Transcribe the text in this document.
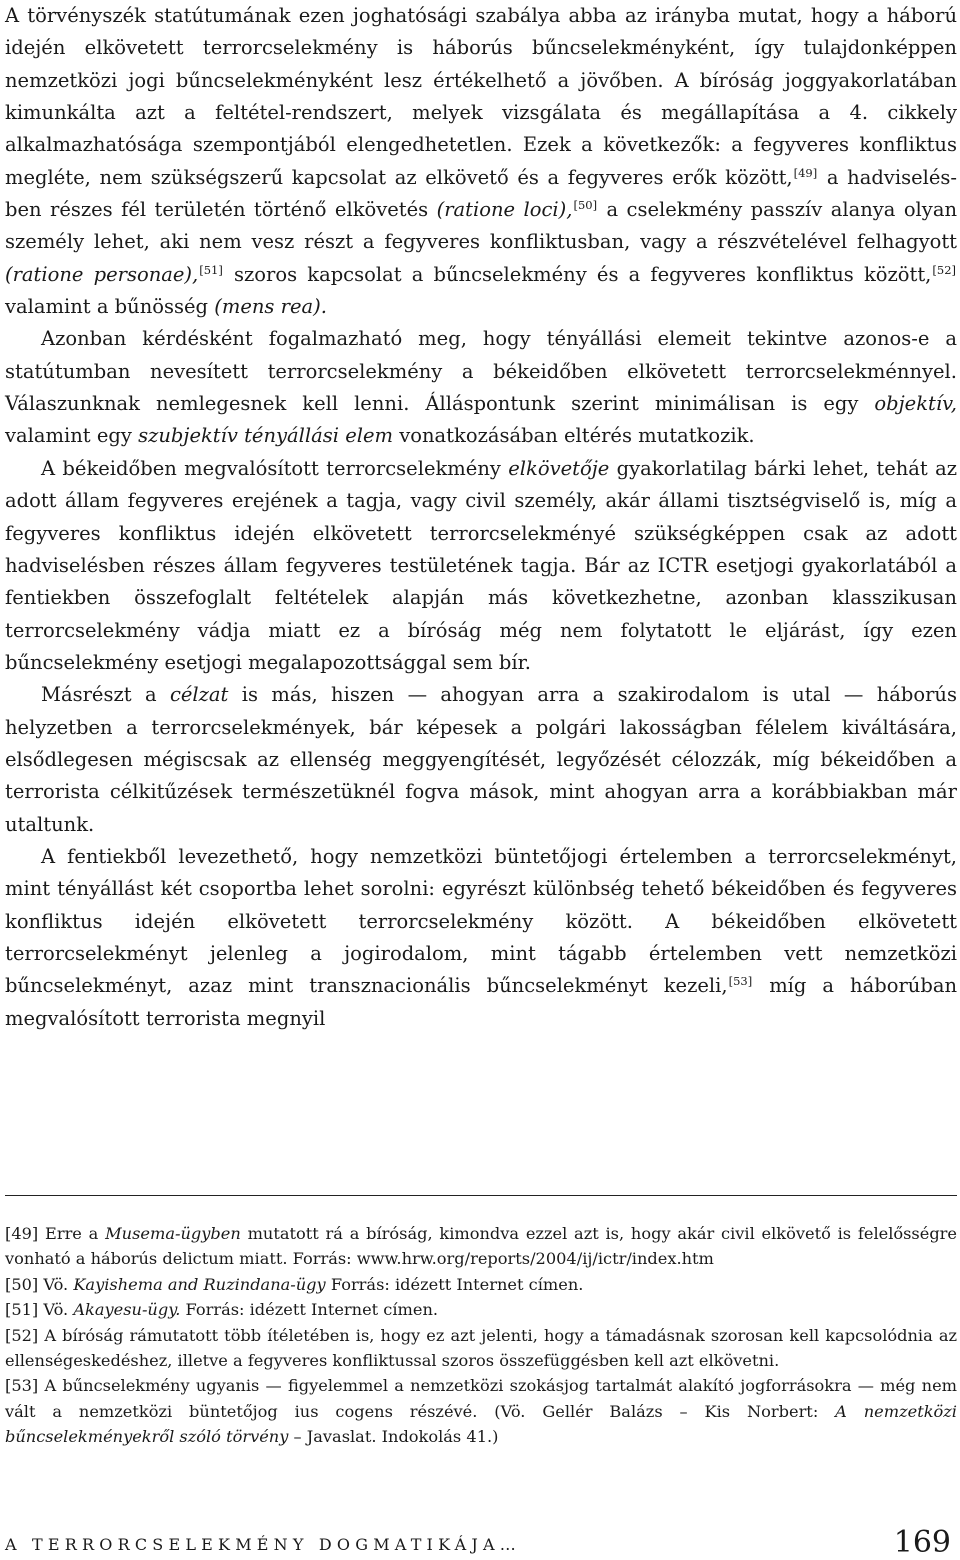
A törvényszék statútumának ezen joghatósági szabálya abba az irányba mutat, hogy a háború idején elkövetett terrorcselekmény is háborús bűncselekményként, így tulajdonképpen nemzetközi jogi bűncselekményként lesz értékelhető a jövőben. A bíróság joggyakorlatában kimunkálta azt a feltétel-rendszert, melyek vizsgálata és megállapítása a 4. cikkely alkalmazhatósága szempontjából elengedhetetlen. Ezek a következők: a fegyveres konfliktus megléte, nem szükségszerű kapcsolat az elkövető és a fegyveres erők között,[49] a hadviselésben részes fél területén történő elkövetés (ratione loci),[50] a cselekmény passzív alanya olyan személy lehet, aki nem vesz részt a fegyveres konfliktusban, vagy a részvételével felhagyott (ratione personae),[51] szoros kapcsolat a bűncselekmény és a fegyveres konfliktus között,[52] valamint a bűnösség (mens rea).

Azonban kérdésként fogalmazható meg, hogy tényállási elemeit tekintve azonos-e a statútumban nevesített terrorcselekmény a békeidőben elkövetett terrorcselekménnyel. Válaszunknak nemlegesnek kell lenni. Álláspontunk szerint minimálisan is egy objektív, valamint egy szubjektív tényállási elem vonatkozásában eltérés mutatkozik.

A békeidőben megvalósított terrorcselekmény elkövetője gyakorlatilag bárki lehet, tehát az adott állam fegyveres erejének a tagja, vagy civil személy, akár állami tisztségviselő is, míg a fegyveres konfliktus idején elkövetett terrorcselekményé szükségképpen csak az adott hadviselésben részes állam fegyveres testületének tagja. Bár az ICTR esetjogi gyakorlatából a fentiekben összefoglalt feltételek alapján más következhetne, azonban klasszikusan terrorcselekmény vádja miatt ez a bíróság még nem folytatott le eljárást, így ezen bűncselekmény esetjogi megalapozottsággal sem bír.

Másrészt a célzat is más, hiszen — ahogyan arra a szakirodalom is utal — háborús helyzetben a terrorcselekmények, bár képesek a polgári lakosságban félelem kiváltására, elsődlegesen mégiscsak az ellenség meggyengítését, legyőzését célozzák, míg békeidőben a terrorista célkitűzések természetüknél fogva mások, mint ahogyan arra a korábbiakban már utaltunk.

A fentiekből levezethető, hogy nemzetközi büntetőjogi értelemben a terrorcselekményt, mint tényállást két csoportba lehet sorolni: egyrészt különbség tehető békeidőben és fegyveres konfliktus idején elkövetett terrorcselekmény között. A békeidőben elkövetett terrorcselekményt jelenleg a jogirodalom, mint tágabb értelemben vett nemzetközi bűncselekményt, azaz mint transznacionális bűncselekményt kezeli,[53] míg a háborúban megvalósított terrorista megnyil

[49] Erre a Musema-ügyben mutatott rá a bíróság, kimondva ezzel azt is, hogy akár civil elkövető is felelősségre vonható a háborús delictum miatt. Forrás: www.hrw.org/reports/2004/ij/ictr/index.htm

[50] Vö. Kayishema and Ruzindana-ügy Forrás: idézett Internet címen.

[51] Vö. Akayesu-ügy. Forrás: idézett Internet címen.

[52] A bíróság rámutatott több ítéletében is, hogy ez azt jelenti, hogy a támadásnak szorosan kell kapcsolódnia az ellenségeskedéshez, illetve a fegyveres konfliktussal szoros összefüggésben kell azt elkövetni.

[53] A bűncselekmény ugyanis — figyelemmel a nemzetközi szokásjog tartalmát alakító jogforrásokra — még nem vált a nemzetközi büntetőjog ius cogens részévé. (Vö. Gellér Balázs – Kis Norbert: A nemzetközi bűncselekményekről szóló törvény – Javaslat. Indokolás 41.)

A TERRORCSELEKMÉNY DOGMATIKÁJA…	169
